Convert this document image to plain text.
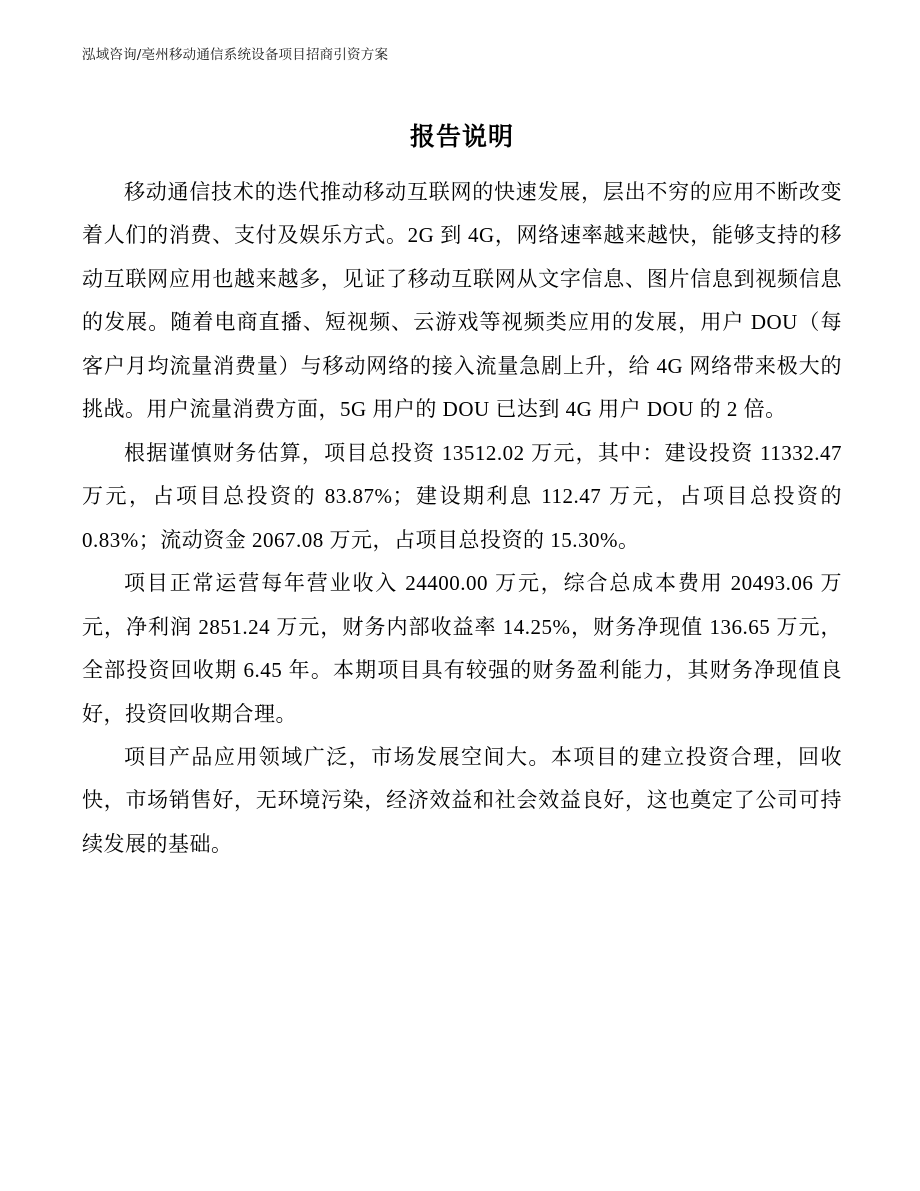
泓域咨询/亳州移动通信系统设备项目招商引资方案
报告说明

移动通信技术的迭代推动移动互联网的快速发展，层出不穷的应用不断改变着人们的消费、支付及娱乐方式。2G 到 4G，网络速率越来越快，能够支持的移动互联网应用也越来越多，见证了移动互联网从文字信息、图片信息到视频信息的发展。随着电商直播、短视频、云游戏等视频类应用的发展，用户 DOU（每客户月均流量消费量）与移动网络的接入流量急剧上升，给 4G 网络带来极大的挑战。用户流量消费方面，5G 用户的 DOU 已达到 4G 用户 DOU 的 2 倍。

根据谨慎财务估算，项目总投资 13512.02 万元，其中：建设投资 11332.47 万元，占项目总投资的 83.87%；建设期利息 112.47 万元，占项目总投资的 0.83%；流动资金 2067.08 万元，占项目总投资的 15.30%。

项目正常运营每年营业收入 24400.00 万元，综合总成本费用 20493.06 万元，净利润 2851.24 万元，财务内部收益率 14.25%，财务净现值 136.65 万元，全部投资回收期 6.45 年。本期项目具有较强的财务盈利能力，其财务净现值良好，投资回收期合理。

项目产品应用领域广泛，市场发展空间大。本项目的建立投资合理，回收快，市场销售好，无环境污染，经济效益和社会效益良好，这也奠定了公司可持续发展的基础。
